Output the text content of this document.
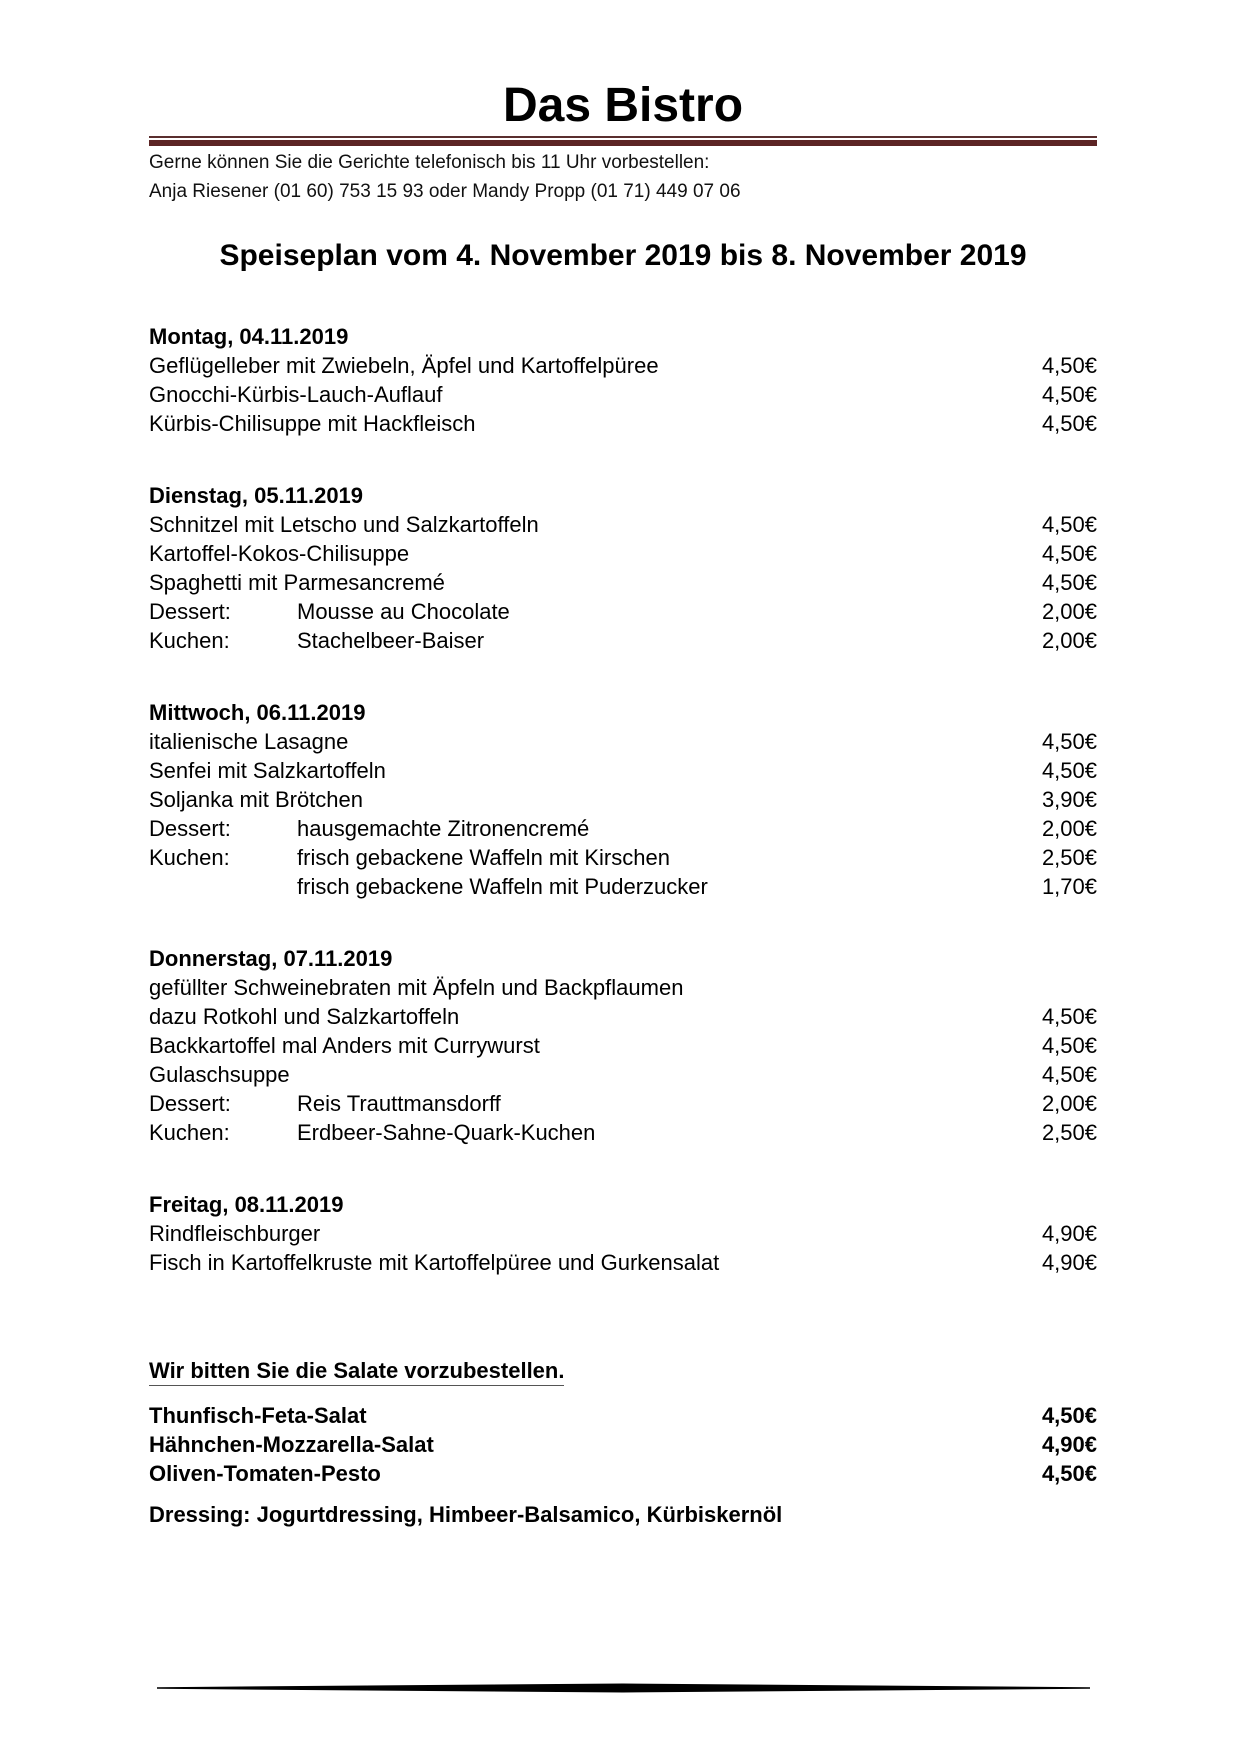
Das Bistro
Gerne können Sie die Gerichte telefonisch bis 11 Uhr vorbestellen:
Anja Riesener (01 60) 753 15 93 oder Mandy Propp (01 71) 449 07 06
Speiseplan vom 4. November 2019 bis 8. November 2019
Montag, 04.11.2019
Geflügelleber mit Zwiebeln, Äpfel und Kartoffelpüree	4,50€
Gnocchi-Kürbis-Lauch-Auflauf	4,50€
Kürbis-Chilisuppe mit Hackfleisch	4,50€
Dienstag, 05.11.2019
Schnitzel mit Letscho und Salzkartoffeln	4,50€
Kartoffel-Kokos-Chilisuppe	4,50€
Spaghetti mit Parmesancremé	4,50€
Dessert:	Mousse au Chocolate	2,00€
Kuchen:	Stachelbeer-Baiser	2,00€
Mittwoch, 06.11.2019
italienische Lasagne	4,50€
Senfei mit Salzkartoffeln	4,50€
Soljanka mit Brötchen	3,90€
Dessert:	hausgemachte Zitronencremé	2,00€
Kuchen:	frisch gebackene Waffeln mit Kirschen	2,50€
frisch gebackene Waffeln mit Puderzucker	1,70€
Donnerstag, 07.11.2019
gefüllter Schweinebraten mit Äpfeln und Backpflaumen
dazu Rotkohl und Salzkartoffeln	4,50€
Backkartoffel mal Anders mit Currywurst	4,50€
Gulaschsuppe	4,50€
Dessert:	Reis Trauttmansdorff	2,00€
Kuchen:	Erdbeer-Sahne-Quark-Kuchen	2,50€
Freitag, 08.11.2019
Rindfleischburger	4,90€
Fisch in Kartoffelkruste mit Kartoffelpüree und Gurkensalat	4,90€
Wir bitten Sie die Salate vorzubestellen.
Thunfisch-Feta-Salat	4,50€
Hähnchen-Mozzarella-Salat	4,90€
Oliven-Tomaten-Pesto	4,50€
Dressing: Jogurtdressing, Himbeer-Balsamico, Kürbiskernöl
